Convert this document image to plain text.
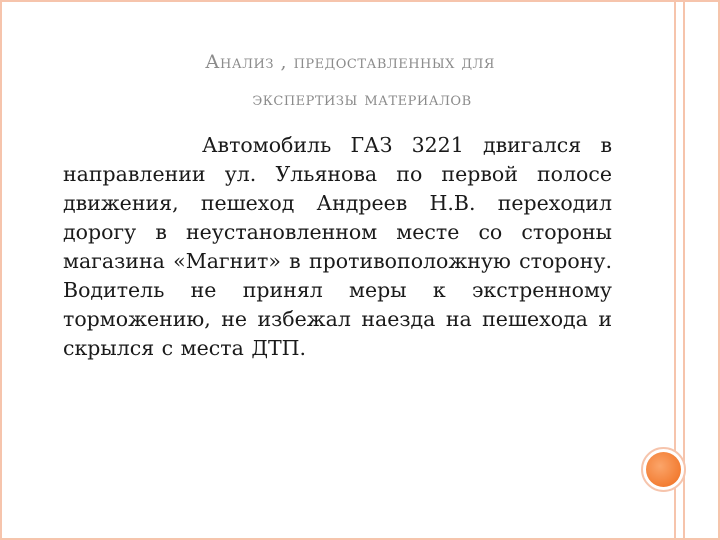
Анализ , предоставленных для
экспертизы материалов
Автомобиль ГАЗ 3221 двигался в направлении ул. Ульянова по первой полосе движения, пешеход Андреев Н.В. переходил дорогу в неустановленном месте со стороны магазина «Магнит» в противоположную сторону. Водитель не принял меры к экстренному торможению, не избежал наезда на пешехода и скрылся с места ДТП.
